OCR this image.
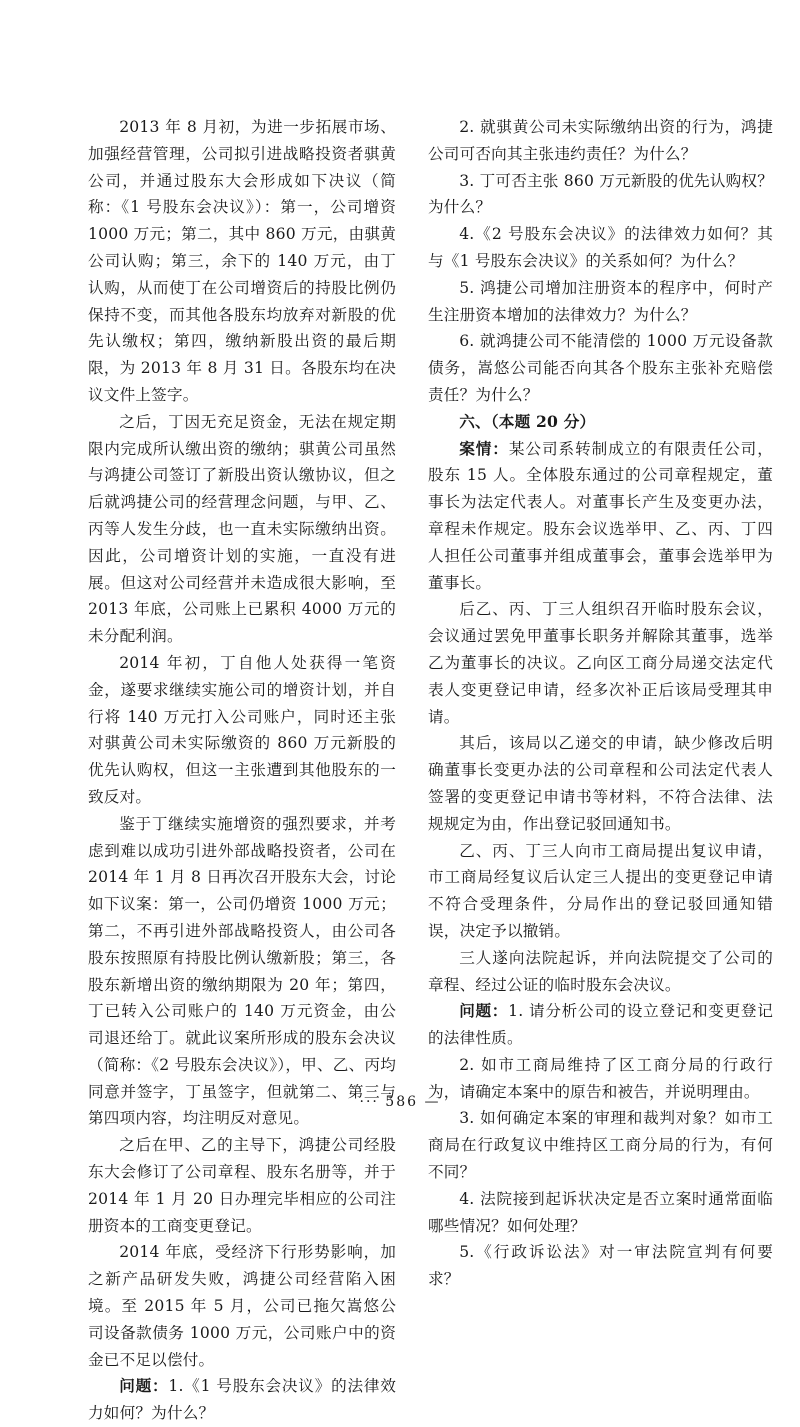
2013 年 8 月初，为进一步拓展市场、加强经营管理，公司拟引进战略投资者骐黄公司，并通过股东大会形成如下决议（简称：《1 号股东会决议》）：第一，公司增资 1000 万元；第二，其中 860 万元，由骐黄公司认购；第三，余下的 140 万元，由丁认购，从而使丁在公司增资后的持股比例仍保持不变，而其他各股东均放弃对新股的优先认缴权；第四，缴纳新股出资的最后期限，为 2013 年 8 月 31 日。各股东均在决议文件上签字。

之后，丁因无充足资金，无法在规定期限内完成所认缴出资的缴纳；骐黄公司虽然与鸿捷公司签订了新股出资认缴协议，但之后就鸿捷公司的经营理念问题，与甲、乙、丙等人发生分歧，也一直未实际缴纳出资。因此，公司增资计划的实施，一直没有进展。但这对公司经营并未造成很大影响，至 2013 年底，公司账上已累积 4000 万元的未分配利润。

2014 年初，丁自他人处获得一笔资金，遂要求继续实施公司的增资计划，并自行将 140 万元打入公司账户，同时还主张对骐黄公司未实际缴资的 860 万元新股的优先认购权，但这一主张遭到其他股东的一致反对。

鉴于丁继续实施增资的强烈要求，并考虑到难以成功引进外部战略投资者，公司在 2014 年 1 月 8 日再次召开股东大会，讨论如下议案：第一，公司仍增资 1000 万元；第二，不再引进外部战略投资人，由公司各股东按照原有持股比例认缴新股；第三，各股东新增出资的缴纳期限为 20 年；第四，丁已转入公司账户的 140 万元资金，由公司退还给丁。就此议案所形成的股东会决议（简称：《2 号股东会决议》），甲、乙、丙均同意并签字，丁虽签字，但就第二、第三与第四项内容，均注明反对意见。

之后在甲、乙的主导下，鸿捷公司经股东大会修订了公司章程、股东名册等，并于 2014 年 1 月 20 日办理完毕相应的公司注册资本的工商变更登记。

2014 年底，受经济下行形势影响，加之新产品研发失败，鸿捷公司经营陷入困境。至 2015 年 5 月，公司已拖欠嵩悠公司设备款债务 1000 万元，公司账户中的资金已不足以偿付。

问题：1.《1 号股东会决议》的法律效力如何？为什么？

2. 就骐黄公司未实际缴纳出资的行为，鸿捷公司可否向其主张违约责任？为什么？

3. 丁可否主张 860 万元新股的优先认购权？为什么？

4.《2 号股东会决议》的法律效力如何？其与《1 号股东会决议》的关系如何？为什么？

5. 鸿捷公司增加注册资本的程序中，何时产生注册资本增加的法律效力？为什么？

6. 就鸿捷公司不能清偿的 1000 万元设备款债务，嵩悠公司能否向其各个股东主张补充赔偿责任？为什么？

六、（本题 20 分）

案情：某公司系转制成立的有限责任公司，股东 15 人。全体股东通过的公司章程规定，董事长为法定代表人。对董事长产生及变更办法，章程未作规定。股东会议选举甲、乙、丙、丁四人担任公司董事并组成董事会，董事会选举甲为董事长。

后乙、丙、丁三人组织召开临时股东会议，会议通过罢免甲董事长职务并解除其董事，选举乙为董事长的决议。乙向区工商分局递交法定代表人变更登记申请，经多次补正后该局受理其申请。

其后，该局以乙递交的申请，缺少修改后明确董事长变更办法的公司章程和公司法定代表人签署的变更登记申请书等材料，不符合法律、法规规定为由，作出登记驳回通知书。

乙、丙、丁三人向市工商局提出复议申请，市工商局经复议后认定三人提出的变更登记申请不符合受理条件，分局作出的登记驳回通知错误，决定予以撤销。

三人遂向法院起诉，并向法院提交了公司的章程、经过公证的临时股东会决议。

问题：1. 请分析公司的设立登记和变更登记的法律性质。

2. 如市工商局维持了区工商分局的行政行为，请确定本案中的原告和被告，并说明理由。

3. 如何确定本案的审理和裁判对象？如市工商局在行政复议中维持区工商分局的行为，有何不同？

4. 法院接到起诉状决定是否立案时通常面临哪些情况？如何处理？

5.《行政诉讼法》对一审法院宣判有何要求？

··· 586 —
